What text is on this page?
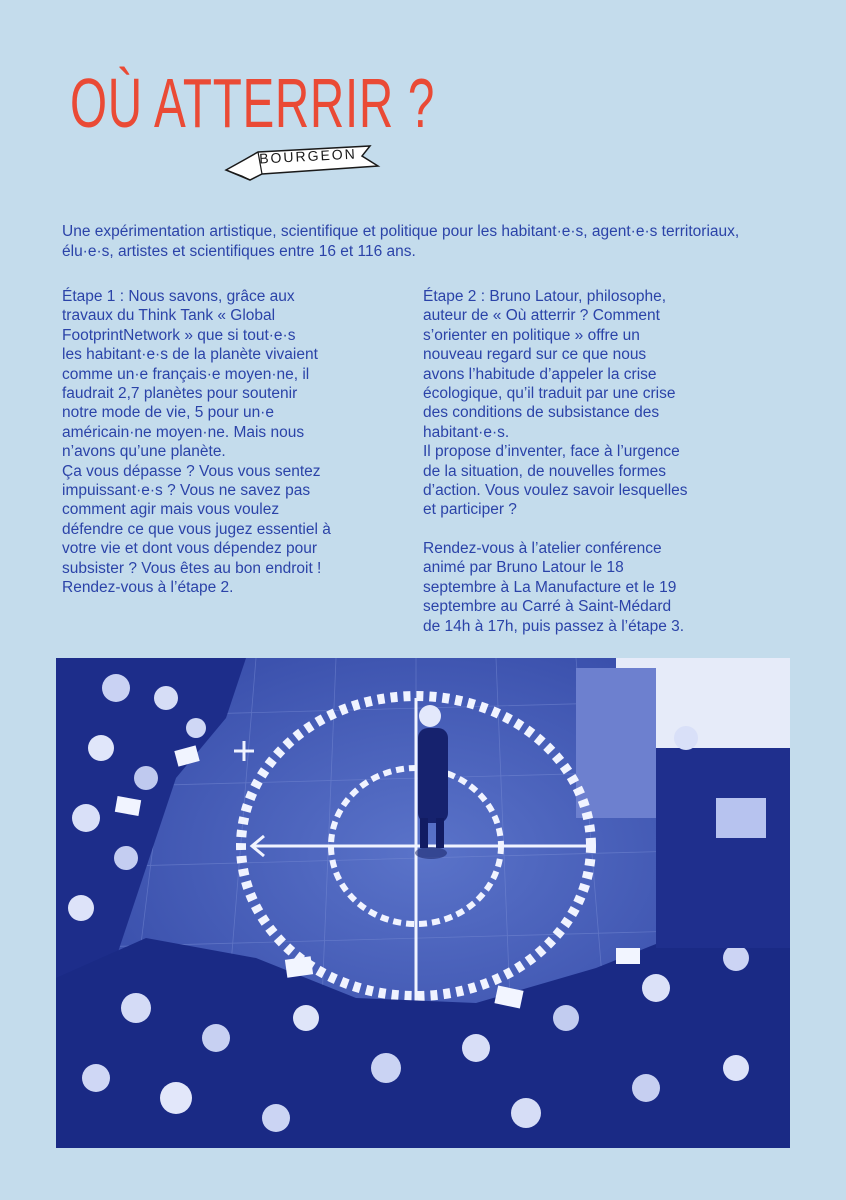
OÙ ATTERRIR ?
BOURGEON
Une expérimentation artistique, scientifique et politique pour les habitant·e·s, agent·e·s territoriaux, élu·e·s, artistes et scientifiques entre 16 et 116 ans.

Étape 1 : Nous savons, grâce aux
travaux du Think Tank « Global
FootprintNetwork » que si tout·e·s
les habitant·e·s de la planète vivaient
comme un·e français·e moyen·ne, il
faudrait 2,7 planètes pour soutenir
notre mode de vie, 5 pour un·e
américain·ne moyen·ne. Mais nous
n’avons qu’une planète.
Ça vous dépasse ? Vous vous sentez
impuissant·e·s ? Vous ne savez pas
comment agir mais vous voulez
défendre ce que vous jugez essentiel à
votre vie et dont vous dépendez pour
subsister ? Vous êtes au bon endroit !
Rendez-vous à l’étape 2.

Étape 2 : Bruno Latour, philosophe,
auteur de « Où atterrir ? Comment
s’orienter en politique » offre un
nouveau regard sur ce que nous
avons l’habitude d’appeler la crise
écologique, qu’il traduit par une crise
des conditions de subsistance des
habitant·e·s.
Il propose d’inventer, face à l’urgence
de la situation, de nouvelles formes
d’action. Vous voulez savoir lesquelles
et participer ?

Rendez-vous à l’atelier conférence
animé par Bruno Latour le 18
septembre à La Manufacture et le 19
septembre au Carré à Saint-Médard
de 14h à 17h, puis passez à l’étape 3.
